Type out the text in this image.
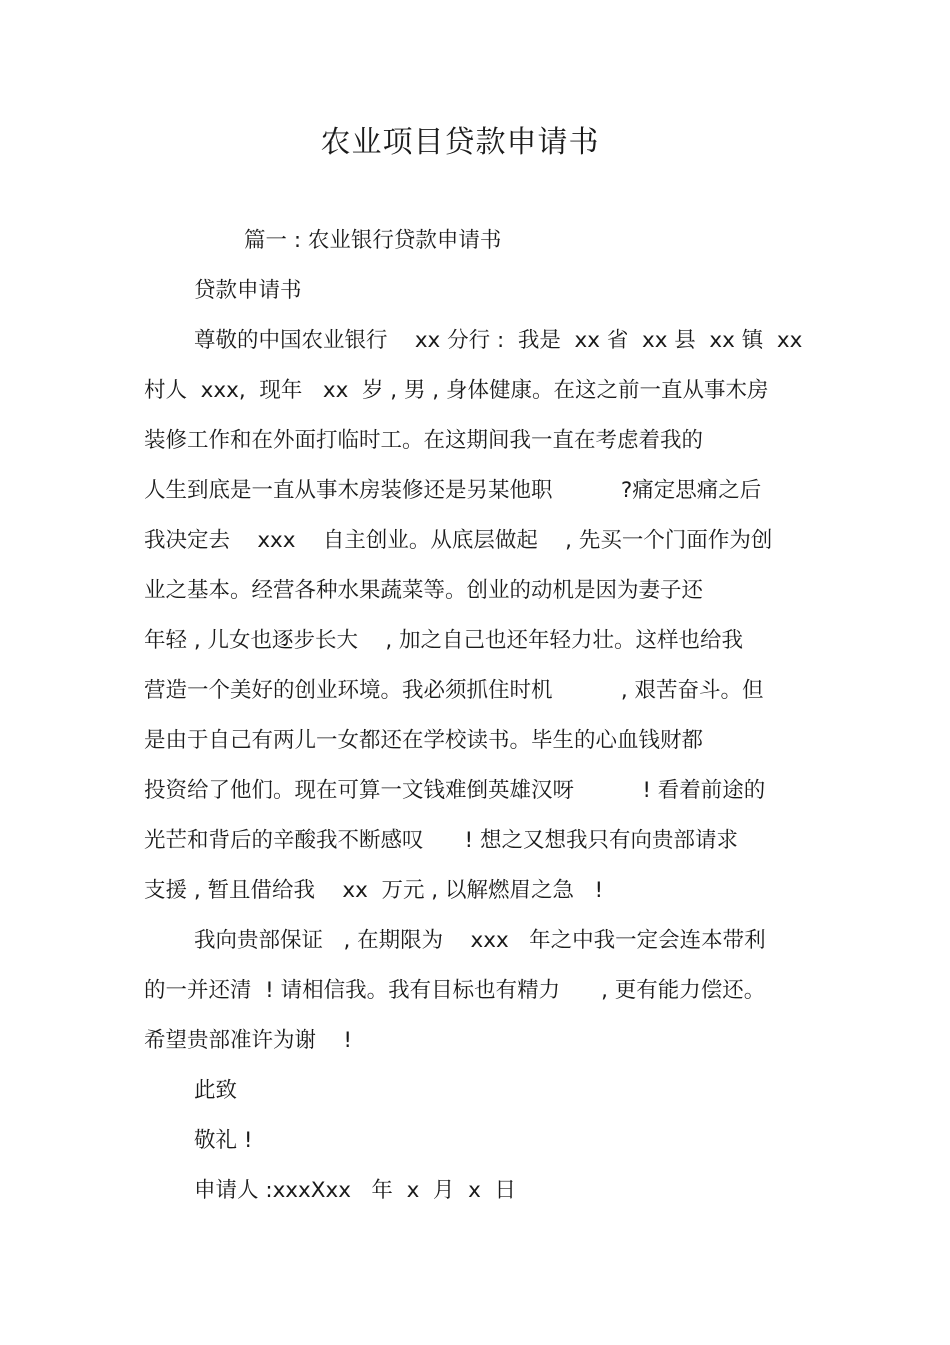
农业项目贷款申请书
篇一 : 农业银行贷款申请书
贷款申请书
尊敬的中国农业银行    xx 分行 :  我是  xx 省  xx 县  xx 镇  xx
村人  xxx,  现年   xx  岁 , 男 , 身体健康。在这之前一直从事木房
装修工作和在外面打临时工。在这期间我一直在考虑着我的
人生到底是一直从事木房装修还是另某他职          ?痛定思痛之后
我决定去    xxx    自主创业。从底层做起    , 先买一个门面作为创
业之基本。经营各种水果蔬菜等。创业的动机是因为妻子还
年轻 , 儿女也逐步长大    , 加之自己也还年轻力壮。这样也给我
营造一个美好的创业环境。我必须抓住时机          , 艰苦奋斗。但
是由于自己有两儿一女都还在学校读书。毕生的心血钱财都
投资给了他们。现在可算一文钱难倒英雄汉呀          ! 看着前途的
光芒和背后的辛酸我不断感叹      ! 想之又想我只有向贵部请求
支援 , 暂且借给我    xx  万元 , 以解燃眉之急   !
我向贵部保证   , 在期限为    xxx   年之中我一定会连本带利
的一并还清  ! 请相信我。我有目标也有精力      , 更有能力偿还。
希望贵部准许为谢    !
此致
敬礼 !
申请人 :xxxXxx   年  x  月  x  日
